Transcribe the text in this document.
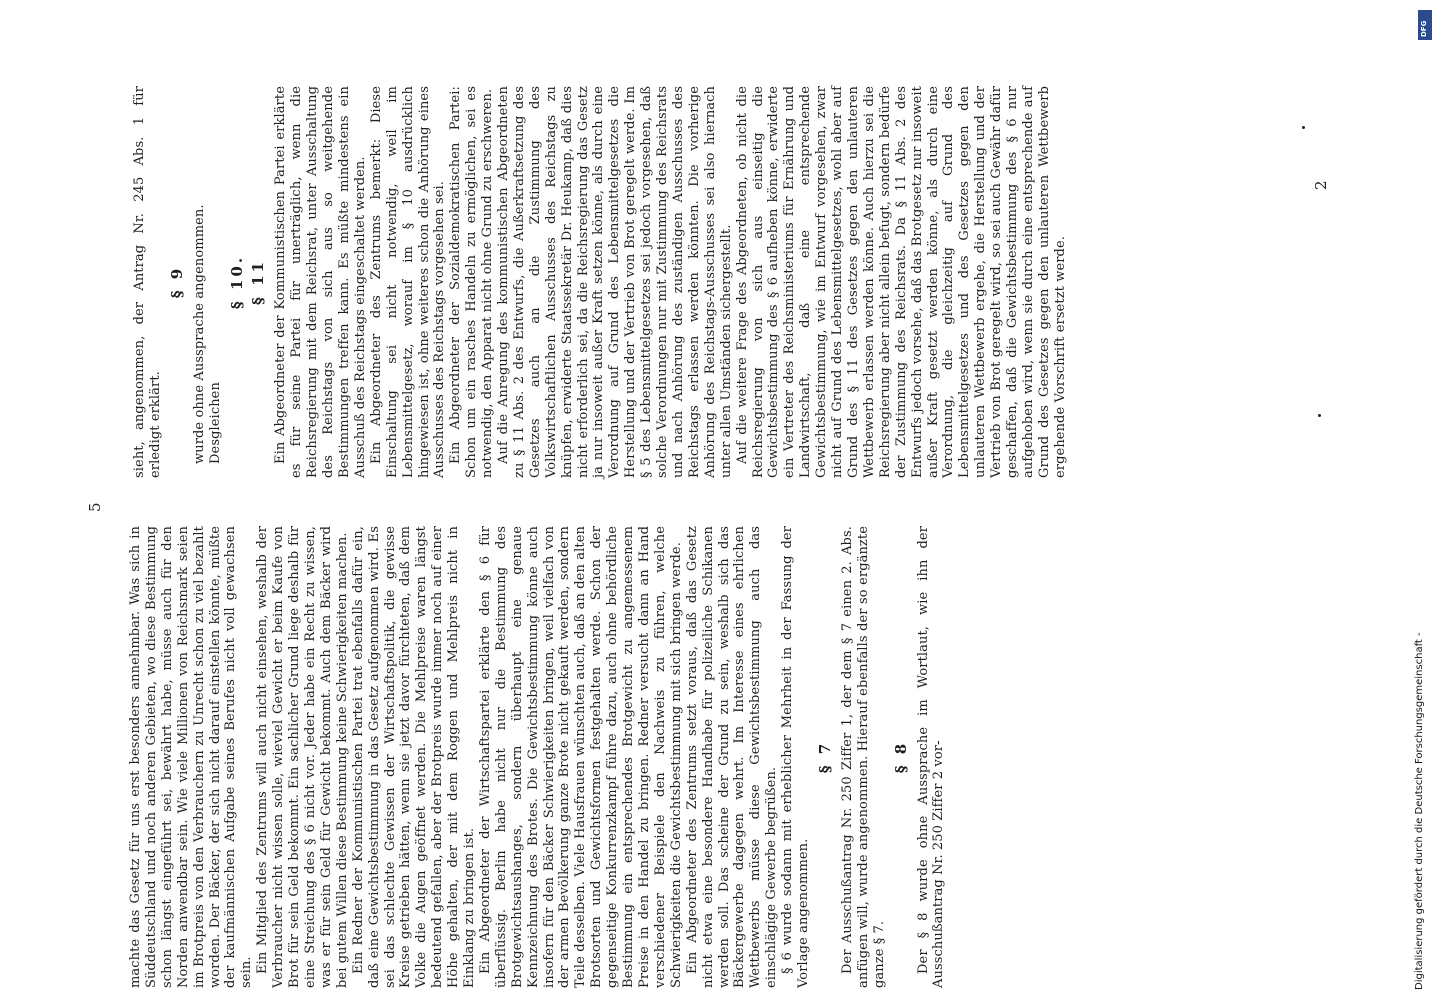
5

machte das Gesetz für uns erst besonders annehmbar. Was sich in Süddeutschland und noch anderen Gebieten, wo diese Bestimmung schon längst eingeführt sei, bewährt habe, müsse auch für den Norden anwendbar sein. Wie viele Millionen von Reichsmark seien im Brotpreis von den Verbrauchern zu Unrecht schon zu viel bezahlt worden. Der Bäcker, der sich nicht darauf einstellen könnte, müßte der kaufmännischen Aufgabe seines Berufes nicht voll gewachsen sein. Ein Mitglied des Zentrums will auch nicht einsehen, weshalb der Verbraucher nicht wissen solle, wieviel Gewicht er beim Kaufe von Brot für sein Geld bekommt. Ein sachlicher Grund liege deshalb für eine Streichung des § 6 nicht vor. Jeder habe ein Recht zu wissen, was er für sein Geld für Gewicht bekommt. Auch dem Bäcker wird bei gutem Willen diese Bestimmung keine Schwierigkeiten machen. Ein Redner der Kommunistischen Partei trat ebenfalls dafür ein, daß eine Gewichtsbestimmung in das Gesetz aufgenommen wird. Es sei das schlechte Gewissen der Wirtschaftspolitik, die gewisse Kreise getrieben hätten, wenn sie jetzt davor fürchteten, daß dem Volke die Augen geöffnet werden. Die Mehlpreise waren längst bedeutend gefallen, aber der Brotpreis wurde immer noch auf einer Höhe gehalten, der mit dem Roggen und Mehlpreis nicht in Einklang zu bringen ist. Ein Abgeordneter der Wirtschaftspartei erklärte den § 6 für überflüssig. Berlin habe nicht nur die Bestimmung des Brotgewichtsaushanges, sondern überhaupt eine genaue Kennzeichnung des Brotes. Die Gewichtsbestimmung könne auch insofern für den Bäcker Schwierigkeiten bringen, weil vielfach von der armen Bevölkerung ganze Brote nicht gekauft werden, sondern Teile desselben. Viele Hausfrauen wünschten auch, daß an den alten Brotsorten und Gewichtsformen festgehalten werde. Schon der gegenseitige Konkurrenzkampf führe dazu, auch ohne behördliche Bestimmung ein entsprechendes Brotgewicht zu angemessenem Preise in den Handel zu bringen. Redner versucht dann an Hand verschiedener Beispiele den Nachweis zu führen, welche Schwierigkeiten die Gewichtsbestimmung mit sich bringen werde. Ein Abgeordneter des Zentrums setzt voraus, daß das Gesetz nicht etwa eine besondere Handhabe für polizeiliche Schikanen werden soll. Das scheine der Grund zu sein, weshalb sich das Bäckergewerbe dagegen wehrt. Im Interesse eines ehrlichen Wettbewerbs müsse diese Gewichtsbestimmung auch das einschlägige Gewerbe begrüßen. § 6 wurde sodann mit erheblicher Mehrheit in der Fassung der Vorlage angenommen.

§ 7 Der Ausschußantrag Nr. 250 Ziffer 1, der dem § 7 einen 2. Abs. anfügen will, wurde angenommen. Hierauf ebenfalls der so ergänzte ganze § 7.

§ 8 Der § 8 wurde ohne Aussprache im Wortlaut, wie ihn der Ausschußantrag Nr. 250 Ziffer 2 vor-

sieht, angenommen, der Antrag Nr. 245 Abs. 1 für erledigt erklärt.

§ 9 wurde ohne Aussprache angenommen. Desgleichen

§ 10. § 11 Ein Abgeordneter der Kommunistischen Partei erklärte es für seine Partei für unerträglich, wenn die Reichsregierung mit dem Reichsrat, unter Ausschaltung des Reichstags von sich aus so weitgehende Bestimmungen treffen kann. Es müßte mindestens ein Ausschuß des Reichstags eingeschaltet werden. Ein Abgeordneter des Zentrums bemerkt: Diese Einschaltung sei nicht notwendig, weil im Lebensmittelgesetz, worauf im § 10 ausdrücklich hingewiesen ist, ohne weiteres schon die Anhörung eines Ausschusses des Reichstags vorgesehen sei. Ein Abgeordneter der Sozialdemokratischen Partei: Schon um ein rasches Handeln zu ermöglichen, sei es notwendig, den Apparat nicht ohne Grund zu erschweren. Auf die Anregung des kommunistischen Abgeordneten zu § 11 Abs. 2 des Entwurfs, die Außerkraftsetzung des Gesetzes auch an die Zustimmung des Volkswirtschaftlichen Ausschusses des Reichstags zu knüpfen, erwiderte Staatssekretär Dr. Heukamp, daß dies nicht erforderlich sei, da die Reichsregierung das Gesetz ja nur insoweit außer Kraft setzen könne, als durch eine Verordnung auf Grund des Lebensmittelgesetzes die Herstellung und der Vertrieb von Brot geregelt werde. Im § 5 des Lebensmittelgesetzes sei jedoch vorgesehen, daß solche Verordnungen nur mit Zustimmung des Reichsrats und nach Anhörung des zuständigen Ausschusses des Reichstags erlassen werden könnten. Die vorherige Anhörung des Reichstags-Ausschusses sei also hiernach unter allen Umständen sichergestellt. Auf die weitere Frage des Abgeordneten, ob nicht die Reichsregierung von sich aus einseitig die Gewichtsbestimmung des § 6 aufheben könne, erwiderte ein Vertreter des Reichsministeriums für Ernährung und Landwirtschaft, daß eine entsprechende Gewichtsbestimmung, wie im Entwurf vorgesehen, zwar nicht auf Grund des Lebensmittelgesetzes, wohl aber auf Grund des § 11 des Gesetzes gegen den unlauteren Wettbewerb erlassen werden könne. Auch hierzu sei die Reichsregierung aber nicht allein befugt, sondern bedürfe der Zustimmung des Reichsrats. Da § 11 Abs. 2 des Entwurfs jedoch vorsehe, daß das Brotgesetz nur insoweit außer Kraft gesetzt werden könne, als durch eine Verordnung, die gleichzeitig auf Grund des Lebensmittelgesetzes und des Gesetzes gegen den unlauteren Wettbewerb ergehe, die Herstellung und der Vertrieb von Brot geregelt wird, so sei auch Gewähr dafür geschaffen, daß die Gewichtsbestimmung des § 6 nur aufgehoben wird, wenn sie durch eine entsprechende auf Grund des Gesetzes gegen den unlauteren Wettbewerb ergehende Vorschrift ersetzt werde.

2
Digitalisierung gefördert durch die Deutsche Forschungsgemeinschaft -
DFG
